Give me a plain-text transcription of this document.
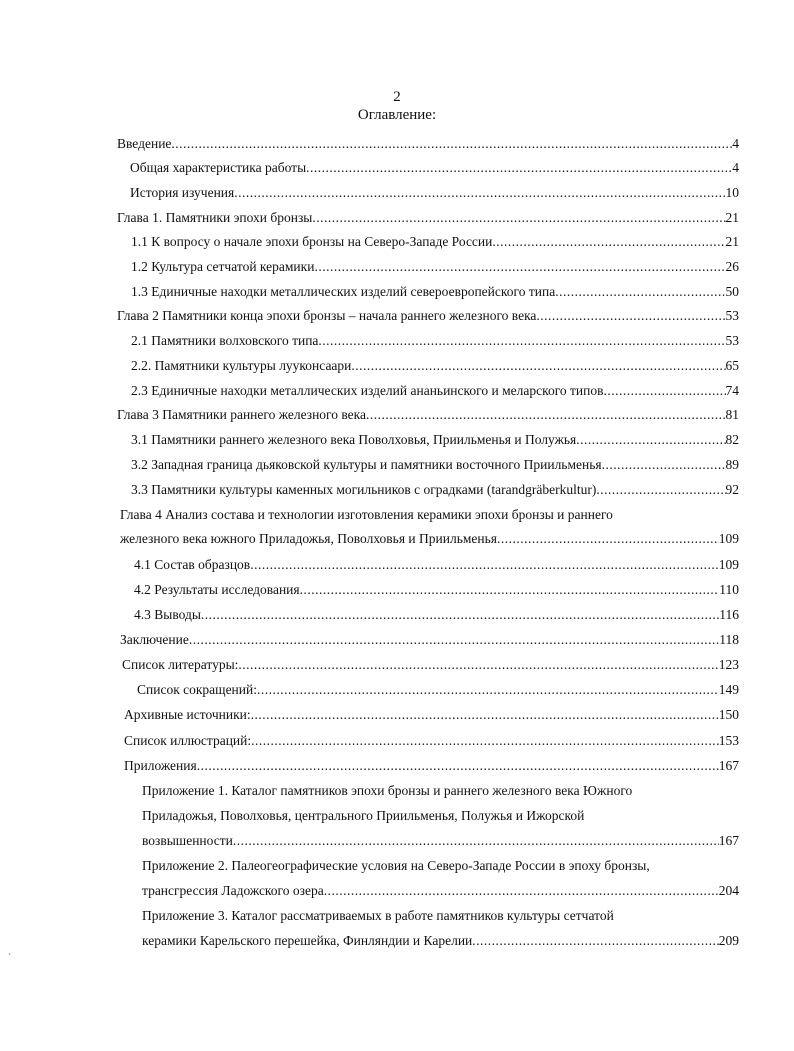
2
Оглавление:
Введение .....	4
Общая характеристика работы .....	4
История изучения .....	10
Глава 1. Памятники эпохи бронзы .....	21
1.1 К вопросу о начале эпохи бронзы на Северо-Западе России .....	21
1.2 Культура сетчатой керамики .....	26
1.3 Единичные находки металлических изделий североевропейского типа .....	50
Глава 2 Памятники конца эпохи бронзы – начала раннего железного века .....	53
2.1 Памятники волховского типа .....	53
2.2. Памятники культуры лууконсаари .....	65
2.3 Единичные находки металлических изделий ананьинского и меларского типов .....	74
Глава 3 Памятники раннего железного века .....	81
3.1 Памятники раннего железного века Поволховья, Приильменья и Полужья .....	82
3.2 Западная граница дьяковской культуры и памятники восточного Приильменья .....	89
3.3 Памятники культуры каменных могильников с оградками (tarandgräberkultur) .....	92
Глава 4 Анализ состава и технологии изготовления керамики эпохи бронзы и раннего
железного века южного Приладожья, Поволховья и Приильменья .....	109
4.1 Состав образцов .....	109
4.2 Результаты исследования .....	110
4.3 Выводы .....	116
Заключение .....	118
Список литературы: .....	123
Список сокращений: .....	149
Архивные источники: .....	150
Список иллюстраций: .....	153
Приложения .....	167
Приложение 1. Каталог памятников эпохи бронзы и раннего железного века Южного
Приладожья, Поволховья, центрального Приильменья, Полужья и Ижорской
возвышенности .....	167
Приложение 2. Палеогеографические условия на Северо-Западе России в эпоху бронзы,
трансгрессия Ладожского озера .....	204
Приложение 3. Каталог рассматриваемых в работе памятников культуры сетчатой
керамики Карельского перешейка, Финляндии и Карелии .....	209
`
